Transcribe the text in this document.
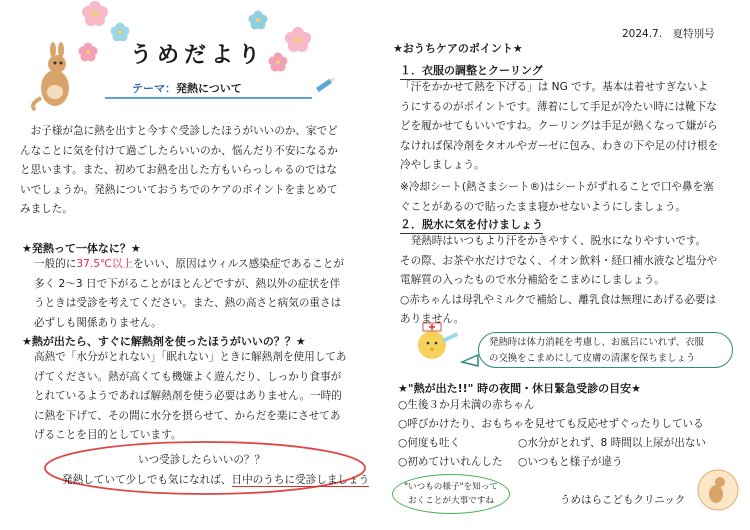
うめだより
テーマ：発熱について
2024.7.　夏特別号
　お子様が急に熱を出すと今すぐ受診したほうがいいのか、家でど
んなことに気を付けて過ごしたらいいのか、悩んだり不安になるか
と思います。また、初めてお熱を出した方もいらっしゃるのではな
いでしょうか。発熱についておうちでのケアのポイントをまとめて
みました。
★発熱って一体なに？★
一般的に37.5℃以上をいい、原因はウィルス感染症であることが
多く 2～3 日で下がることがほとんどですが、熱以外の症状を伴
うときは受診を考えてください。また、熱の高さと病気の重さは
必ずしも関係ありません。
★熱が出たら、すぐに解熱剤を使ったほうがいいの？？★
高熱で「水分がとれない」「眠れない」ときに解熱剤を使用してあ
げてください。熱が高くても機嫌よく遊んだり、しっかり食事が
とれているようであれば解熱剤を使う必要はありません。一時的
に熱を下げて、その間に水分を摂らせて、からだを楽にさせてあ
げることを目的としています。
いつ受診したらいいの？？
発熱していて少しでも気になれば、日中のうちに受診しましょう
★おうちケアのポイント★
１．衣服の調整とクーリング
「汗をかかせて熱を下げる」は NG です。基本は着せすぎないよ
うにするのがポイントです。薄着にして手足が冷たい時には靴下な
どを履かせてもいいですね。クーリングは手足が熱くなって嫌がら
なければ保冷剤をタオルやガーゼに包み、わきの下や足の付け根を
冷やしましょう。
※冷却シート(熱さまシート®)はシートがずれることで口や鼻を塞
ぐことがあるので貼ったまま寝かせないようにしましょう。
２．脱水に気を付けましょう
　発熱時はいつもより汗をかきやすく、脱水になりやすいです。
その際、お茶や水だけでなく、イオン飲料・経口補水液など塩分や
電解質の入ったもので水分補給をこまめにしましょう。
○赤ちゃんは母乳やミルクで補給し、離乳食は無理にあげる必要は
ありません。
発熱時は体力消耗を考慮し、お風呂にいれず、衣服
の交換をこまめにして皮膚の清潔を保ちましょう
★"熱が出た!!" 時の夜間・休日緊急受診の目安★
○生後３か月未満の赤ちゃん
○呼びかけたり、おもちゃを見せても反応せずぐったりしている
○何度も吐く	○水分がとれず、8 時間以上尿が出ない
○初めてけいれんした ○いつもと様子が違う
"いつもの様子"を知って
おくことが大事ですね	うめはらこどもクリニック
